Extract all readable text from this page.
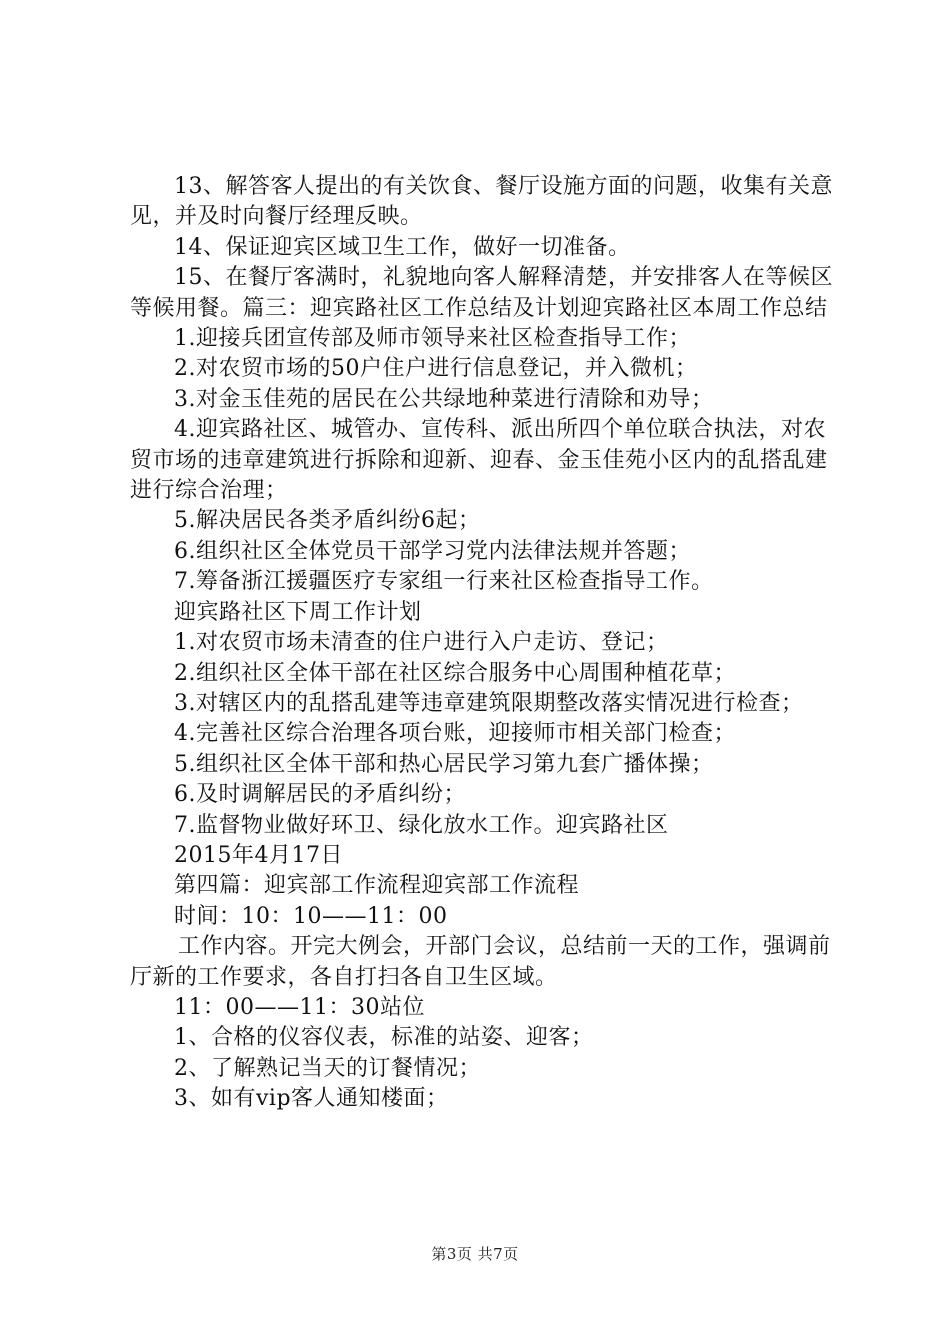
13、解答客人提出的有关饮食、餐厅设施方面的问题，收集有关意见，并及时向餐厅经理反映。

14、保证迎宾区域卫生工作，做好一切准备。

15、在餐厅客满时，礼貌地向客人解释清楚，并安排客人在等候区等候用餐。篇三：迎宾路社区工作总结及计划迎宾路社区本周工作总结

1.迎接兵团宣传部及师市领导来社区检查指导工作；

2.对农贸市场的50户住户进行信息登记，并入微机；

3.对金玉佳苑的居民在公共绿地种菜进行清除和劝导；

4.迎宾路社区、城管办、宣传科、派出所四个单位联合执法，对农贸市场的违章建筑进行拆除和迎新、迎春、金玉佳苑小区内的乱搭乱建进行综合治理；

5.解决居民各类矛盾纠纷6起；

6.组织社区全体党员干部学习党内法律法规并答题；

7.筹备浙江援疆医疗专家组一行来社区检查指导工作。

迎宾路社区下周工作计划

1.对农贸市场未清查的住户进行入户走访、登记；

2.组织社区全体干部在社区综合服务中心周围种植花草；

3.对辖区内的乱搭乱建等违章建筑限期整改落实情况进行检查；

4.完善社区综合治理各项台账，迎接师市相关部门检查；

5.组织社区全体干部和热心居民学习第九套广播体操；

6.及时调解居民的矛盾纠纷；

7.监督物业做好环卫、绿化放水工作。迎宾路社区

2015年4月17日

第四篇：迎宾部工作流程迎宾部工作流程

时间：10：10——11：00

工作内容。开完大例会，开部门会议，总结前一天的工作，强调前厅新的工作要求，各自打扫各自卫生区域。

11：00——11：30站位

1、合格的仪容仪表，标准的站姿、迎客；

2、了解熟记当天的订餐情况；

3、如有vip客人通知楼面；

第3页 共7页
